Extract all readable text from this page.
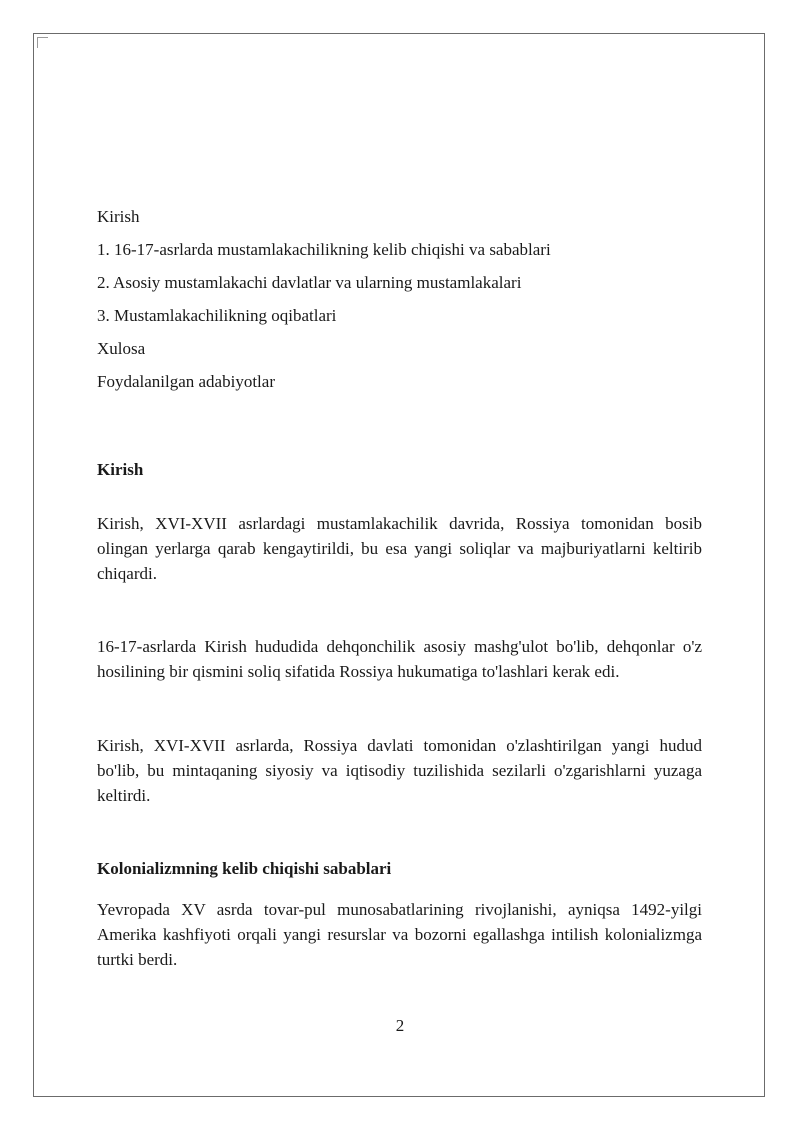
Kirish
1. 16-17-asrlarda mustamlakachilikning kelib chiqishi va sabablari
2. Asosiy mustamlakachi davlatlar va ularning mustamlakalari
3. Mustamlakachilikning oqibatlari
Xulosa
Foydalanilgan adabiyotlar
Kirish

Kirish, XVI-XVII asrlardagi mustamlakachilik davrida, Rossiya tomonidan bosib olingan yerlarga qarab kengaytirildi, bu esa yangi soliqlar va majburiyatlarni keltirib chiqardi.

16-17-asrlarda Kirish hududida dehqonchilik asosiy mashg'ulot bo'lib, dehqonlar o'z hosilining bir qismini soliq sifatida Rossiya hukumatiga to'lashlari kerak edi.

Kirish, XVI-XVII asrlarda, Rossiya davlati tomonidan o'zlashtirilgan yangi hudud bo'lib, bu mintaqaning siyosiy va iqtisodiy tuzilishida sezilarli o'zgarishlarni yuzaga keltirdi.

Kolonializmning kelib chiqishi sabablari

Yevropada XV asrda tovar-pul munosabatlarining rivojlanishi, ayniqsa 1492-yilgi Amerika kashfiyoti orqali yangi resurslar va bozorni egallashga intilish kolonializmga turtki berdi.

2
